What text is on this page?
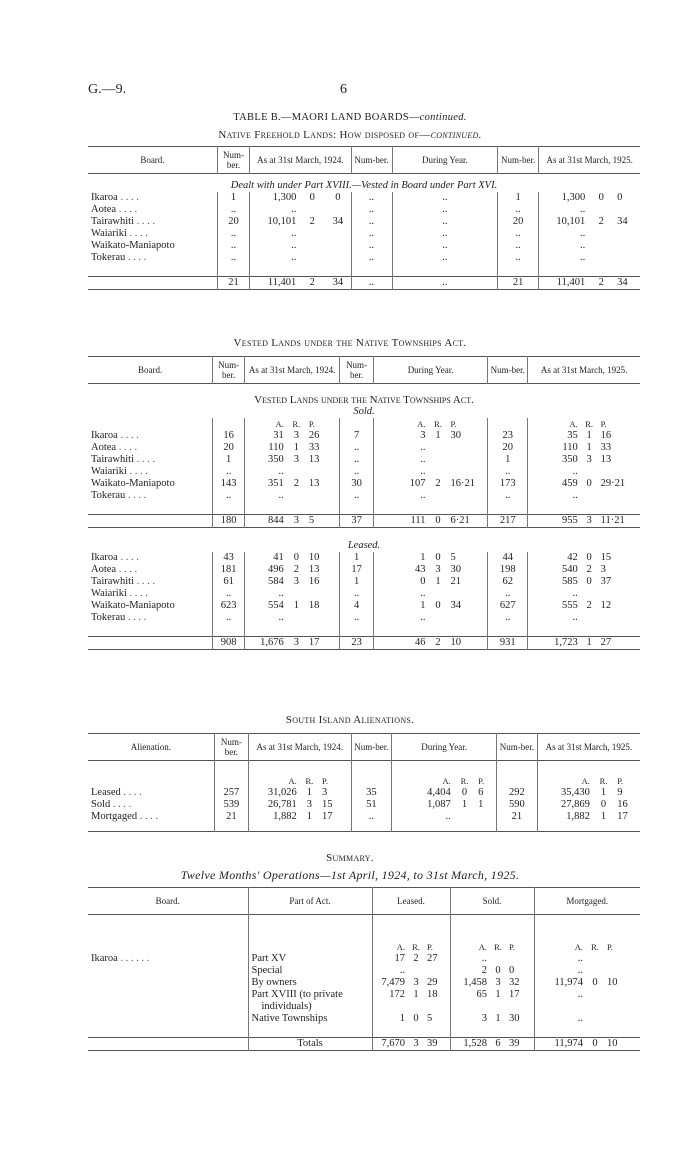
G.—9.	6
TABLE B.—MAORI LAND BOARDS—continued.
Native Freehold Lands: How disposed of—continued.
Board.	Num-ber.	As at 31st March, 1924.			Num-ber.	During Year.	Num-ber.	As at 31st March, 1925.		
Dealt with under Part XVIII.—Vested in Board under Part XVI.										
Ikaroa . . . .	1	1,300	0	0	..	..	1	1,300	0	0
Aotea . . . .	..	..			..	..	..	..		
Tairawhiti . . . .	20	10,101	2	34	..	..	20	10,101	2	34
Waiariki . . . .	..	..			..	..	..	..		
Waikato-Maniapoto	..	..			..	..	..	..		
Tokerau . . . .	..	..			..	..	..	..		

	21	11,401	2	34	..	..	21	11,401	2	34
Vested Lands under the Native Townships Act.
Board.	Num-ber.	As at 31st March, 1924.			Num-ber.	During Year.			Num-ber.	As at 31st March, 1925.		
Vested Lands under the Native Townships Act.												
Sold.												
		A.	R.	P.		A.	R.	P.		A.	R.	P.
Ikaroa . . . .	16	31	3	26	7	3	1	30	23	35	1	16
Aotea . . . .	20	110	1	33	..	..			20	110	1	33
Tairawhiti . . . .	1	350	3	13	..	..			1	350	3	13
Waiariki . . . .	..	..			..	..			..	..		
Waikato-Maniapoto	143	351	2	13	30	107	2	16·21	173	459	0	29·21
Tokerau . . . .	..	..			..	..			..	..		

	180	844	3	5	37	111	0	6·21	217	955	3	11·21
Leased.												
Ikaroa . . . .	43	41	0	10	1	1	0	5	44	42	0	15
Aotea . . . .	181	496	2	13	17	43	3	30	198	540	2	3
Tairawhiti . . . .	61	584	3	16	1	0	1	21	62	585	0	37
Waiariki . . . .	..	..			..	..			..	..		
Waikato-Maniapoto	623	554	1	18	4	1	0	34	627	555	2	12
Tokerau . . . .	..	..			..	..			..	..		

	908	1,676	3	17	23	46	2	10	931	1,723	1	27
South Island Alienations.
Alienation.	Num-ber.	As at 31st March, 1924.			Num-ber.	During Year.			Num-ber.	As at 31st March, 1925.		
		A.	R.	P.		A.	R.	P.		A.	R.	P.
Leased . . . .	257	31,026	1	3	35	4,404	0	6	292	35,430	1	9
Sold . . . .	539	26,781	3	15	51	1,087	1	1	590	27,869	0	16
Mortgaged . . . .	21	1,882	1	17	..	..			21	1,882	1	17

Summary.
Twelve Months' Operations—1st April, 1924, to 31st March, 1925.
Board.	Part of Act.	Leased.			Sold.			Mortgaged.		
		A.	R.	P.	A.	R.	P.	A.	R.	P.
Ikaroa . . . . . .	Part XV	17	2	27	..			..		
	Special	..			2	0	0	..		
	By owners	7,479	3	29	1,458	3	32	11,974	0	10
	Part XVIII (to private	172	1	18	65	1	17	..		
	individuals)									
	Native Townships	1	0	5	3	1	30	..		

	Totals	7,670	3	39	1,528	6	39	11,974	0	10
